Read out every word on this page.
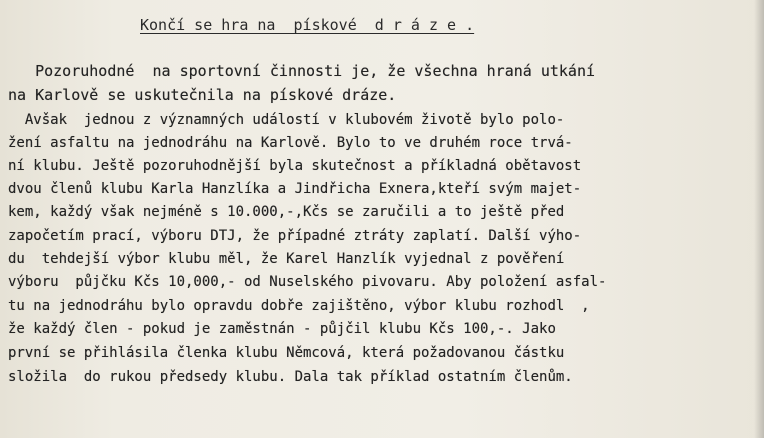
Končí se hra na  pískové  d r á z e .
Pozoruhodné  na sportovní činnosti je, že všechna hraná utkání
na Karlově se uskutečnila na pískové dráze.
Avšak  jednou z významných událostí v klubovém životě bylo polo-
žení asfaltu na jednodráhu na Karlově. Bylo to ve druhém roce trvá-
ní klubu. Ještě pozoruhodnější byla skutečnost a příkladná obětavost
dvou členů klubu Karla Hanzlíka a Jindřicha Exnera,kteří svým majet-
kem, každý však nejméně s 10.000,-,Kčs se zaručili a to ještě před
započetím prací, výboru DTJ, že případné ztráty zaplatí. Další výho-
du  tehdejší výbor klubu měl, že Karel Hanzlík vyjednal z pověření
výboru  půjčku Kčs 10,000,- od Nuselského pivovaru. Aby položení asfal-
tu na jednodráhu bylo opravdu dobře zajištěno, výbor klubu rozhodl  ,
že každý člen - pokud je zaměstnán - půjčil klubu Kčs 100,-. Jako
první se přihlásila členka klubu Němcová, která požadovanou částku
složila  do rukou předsedy klubu. Dala tak příklad ostatním členům.
